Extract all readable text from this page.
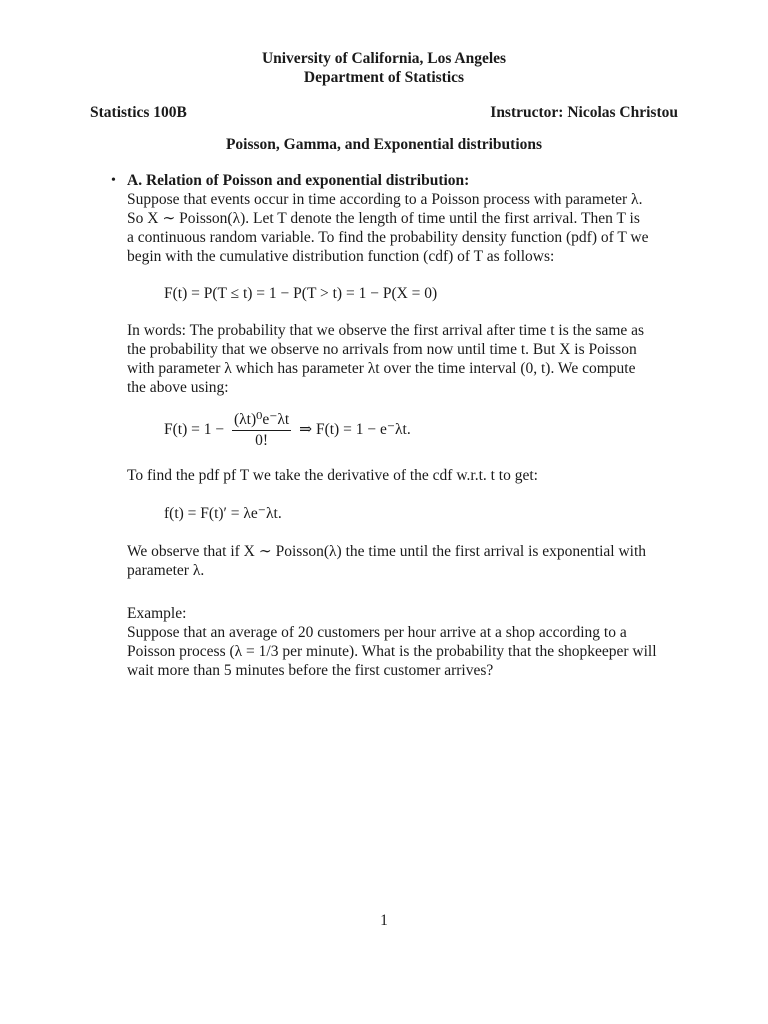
University of California, Los Angeles
Department of Statistics
Statistics 100B	Instructor: Nicolas Christou
Poisson, Gamma, and Exponential distributions
• A. Relation of Poisson and exponential distribution:
Suppose that events occur in time according to a Poisson process with parameter λ.
So X ∼ Poisson(λ). Let T denote the length of time until the first arrival. Then T is
a continuous random variable. To find the probability density function (pdf) of T we
begin with the cumulative distribution function (cdf) of T as follows:
F(t) = P(T ≤ t) = 1 − P(T > t) = 1 − P(X = 0)
In words: The probability that we observe the first arrival after time t is the same as
the probability that we observe no arrivals from now until time t. But X is Poisson
with parameter λ which has parameter λt over the time interval (0, t). We compute
the above using:
$F(t) = 1 - \frac{\text{(λt)⁰e⁻λt}}{0!}$ ⇒ F(t) = 1 − e⁻λt.
To find the pdf pf T we take the derivative of the cdf w.r.t. t to get:
f(t) = F(t)′ = λe⁻λt.
We observe that if X ∼ Poisson(λ) the time until the first arrival is exponential with
parameter λ.
Example:
Suppose that an average of 20 customers per hour arrive at a shop according to a
Poisson process (λ = 1/3 per minute). What is the probability that the shopkeeper will
wait more than 5 minutes before the first customer arrives?
1
